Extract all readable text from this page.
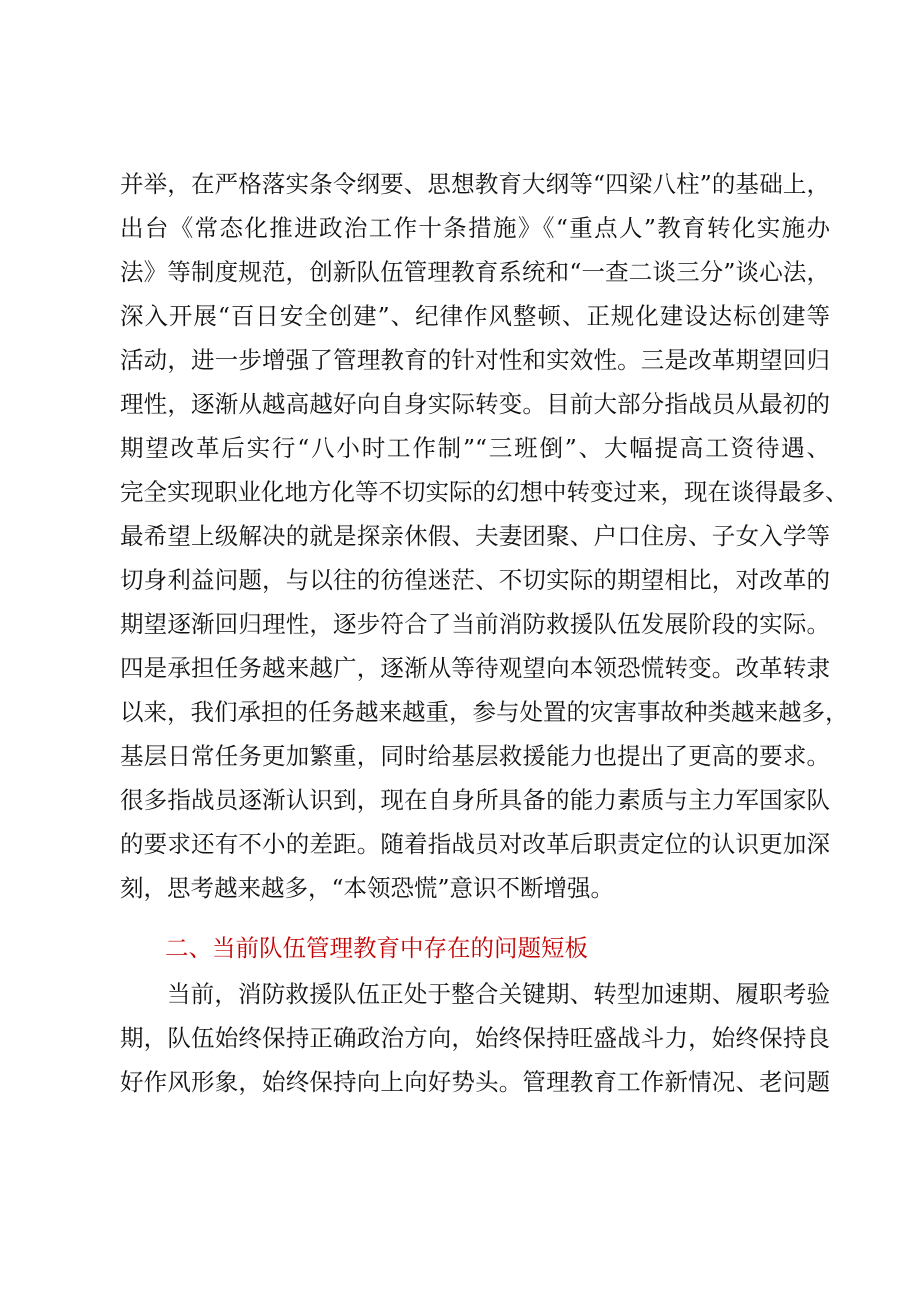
并举，在严格落实条令纲要、思想教育大纲等“四梁八柱”的基础上，
出台《常态化推进政治工作十条措施》《“重点人”教育转化实施办
法》等制度规范，创新队伍管理教育系统和“一查二谈三分”谈心法，
深入开展“百日安全创建”、纪律作风整顿、正规化建设达标创建等
活动，进一步增强了管理教育的针对性和实效性。三是改革期望回归
理性，逐渐从越高越好向自身实际转变。目前大部分指战员从最初的
期望改革后实行“八小时工作制”“三班倒”、大幅提高工资待遇、
完全实现职业化地方化等不切实际的幻想中转变过来，现在谈得最多、
最希望上级解决的就是探亲休假、夫妻团聚、户口住房、子女入学等
切身利益问题，与以往的彷徨迷茫、不切实际的期望相比，对改革的
期望逐渐回归理性，逐步符合了当前消防救援队伍发展阶段的实际。
四是承担任务越来越广，逐渐从等待观望向本领恐慌转变。改革转隶
以来，我们承担的任务越来越重，参与处置的灾害事故种类越来越多，
基层日常任务更加繁重，同时给基层救援能力也提出了更高的要求。
很多指战员逐渐认识到，现在自身所具备的能力素质与主力军国家队
的要求还有不小的差距。随着指战员对改革后职责定位的认识更加深
刻，思考越来越多，“本领恐慌”意识不断增强。
二、当前队伍管理教育中存在的问题短板
当前，消防救援队伍正处于整合关键期、转型加速期、履职考验
期，队伍始终保持正确政治方向，始终保持旺盛战斗力，始终保持良
好作风形象，始终保持向上向好势头。管理教育工作新情况、老问题
